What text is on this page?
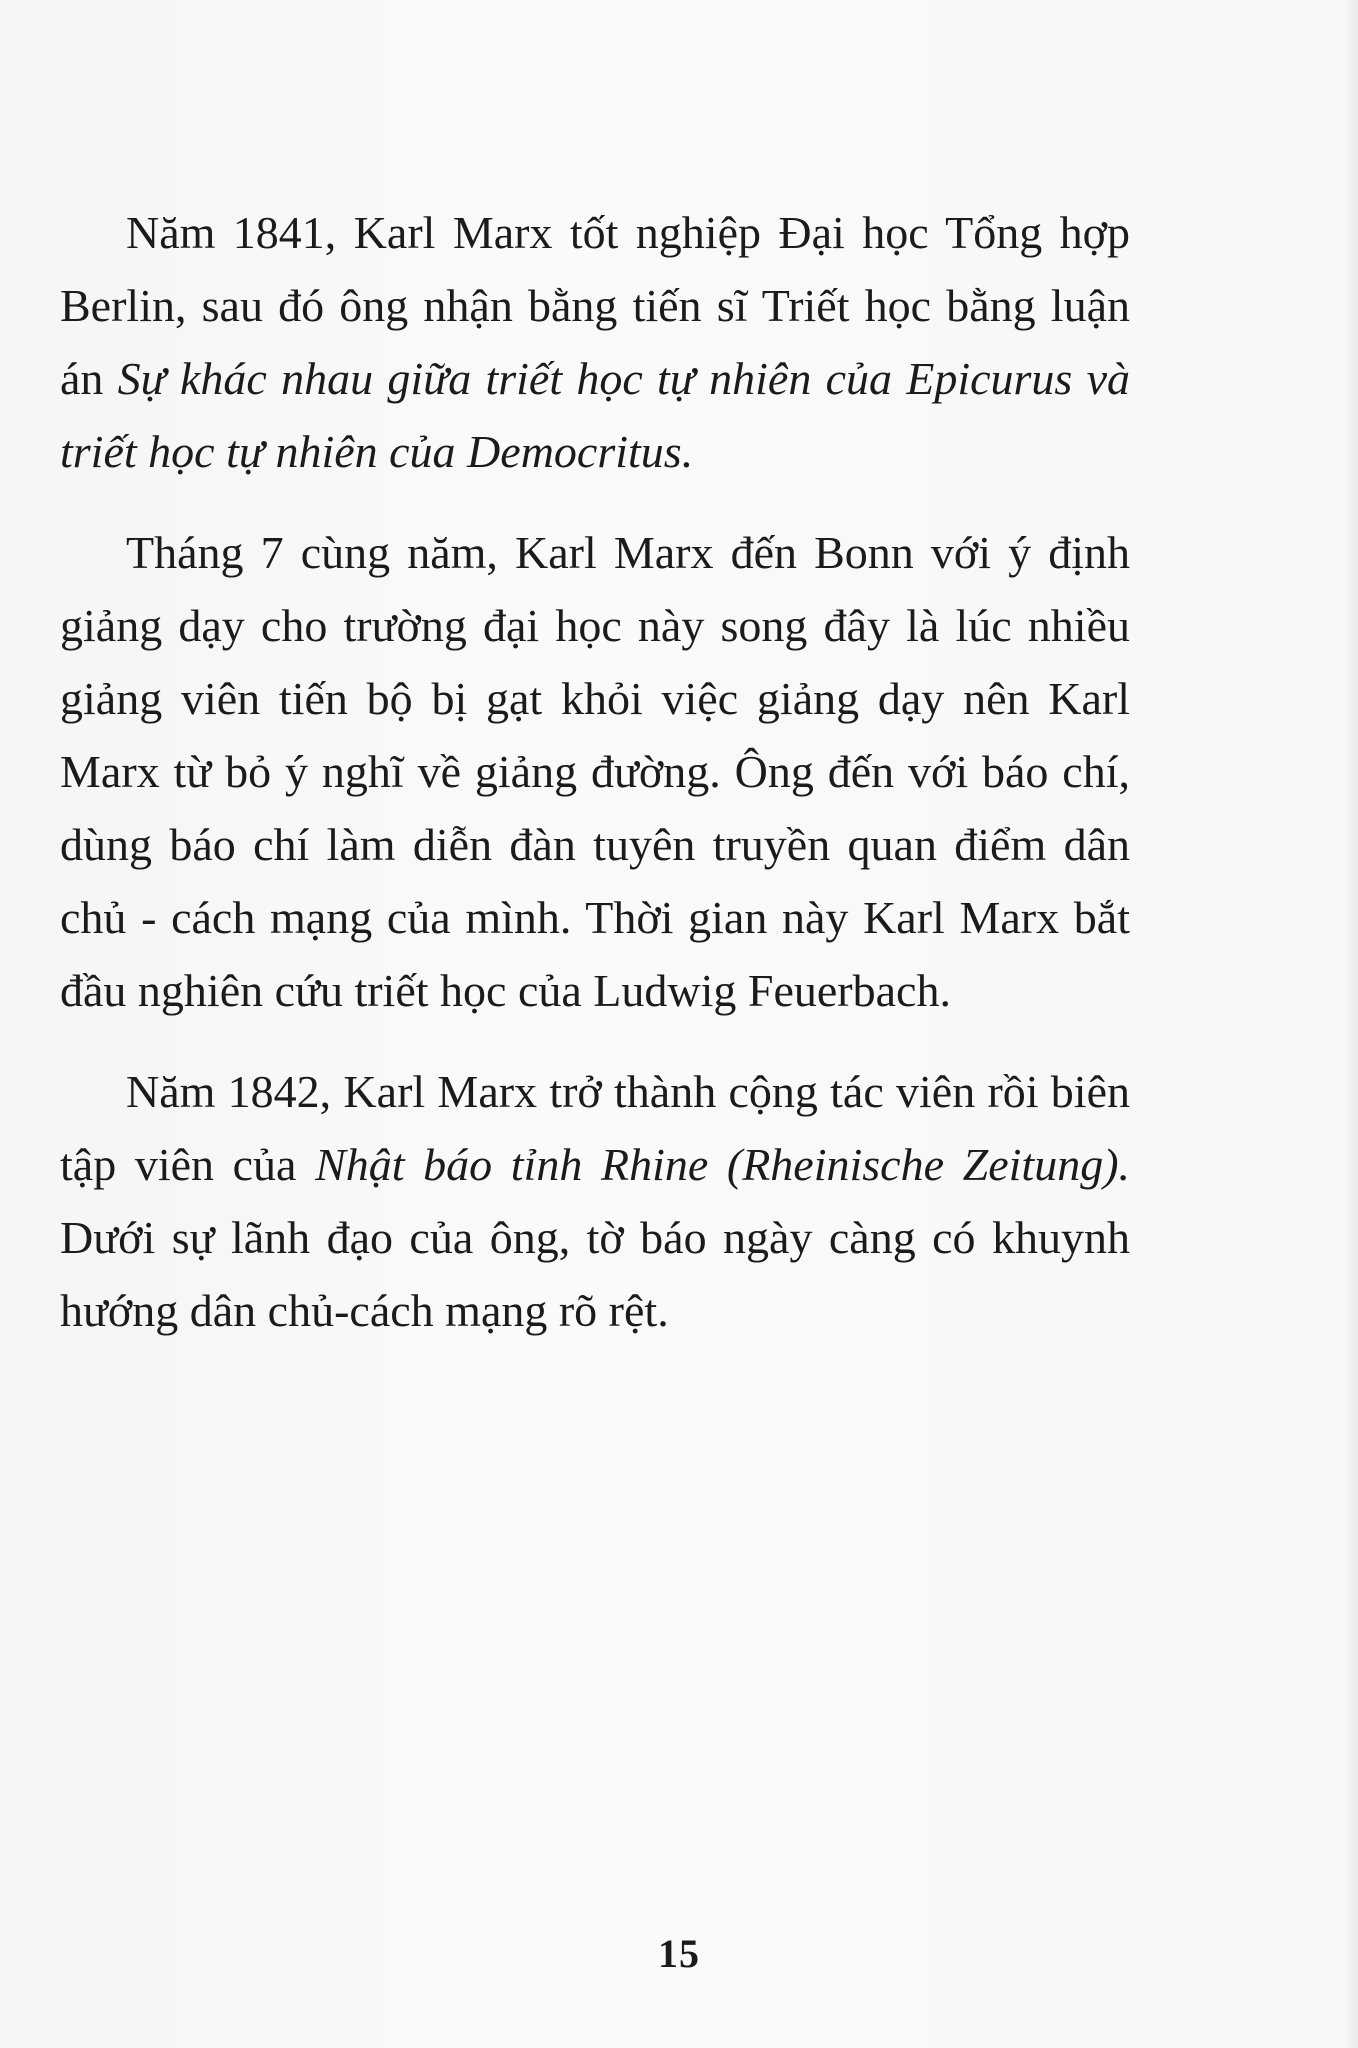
Năm 1841, Karl Marx tốt nghiệp Đại học Tổng hợp Berlin, sau đó ông nhận bằng tiến sĩ Triết học bằng luận án Sự khác nhau giữa triết học tự nhiên của Epicurus và triết học tự nhiên của Democritus.

Tháng 7 cùng năm, Karl Marx đến Bonn với ý định giảng dạy cho trường đại học này song đây là lúc nhiều giảng viên tiến bộ bị gạt khỏi việc giảng dạy nên Karl Marx từ bỏ ý nghĩ về giảng đường. Ông đến với báo chí, dùng báo chí làm diễn đàn tuyên truyền quan điểm dân chủ - cách mạng của mình. Thời gian này Karl Marx bắt đầu nghiên cứu triết học của Ludwig Feuerbach.

Năm 1842, Karl Marx trở thành cộng tác viên rồi biên tập viên của Nhật báo tỉnh Rhine (Rheinische Zeitung). Dưới sự lãnh đạo của ông, tờ báo ngày càng có khuynh hướng dân chủ-cách mạng rõ rệt.

15
